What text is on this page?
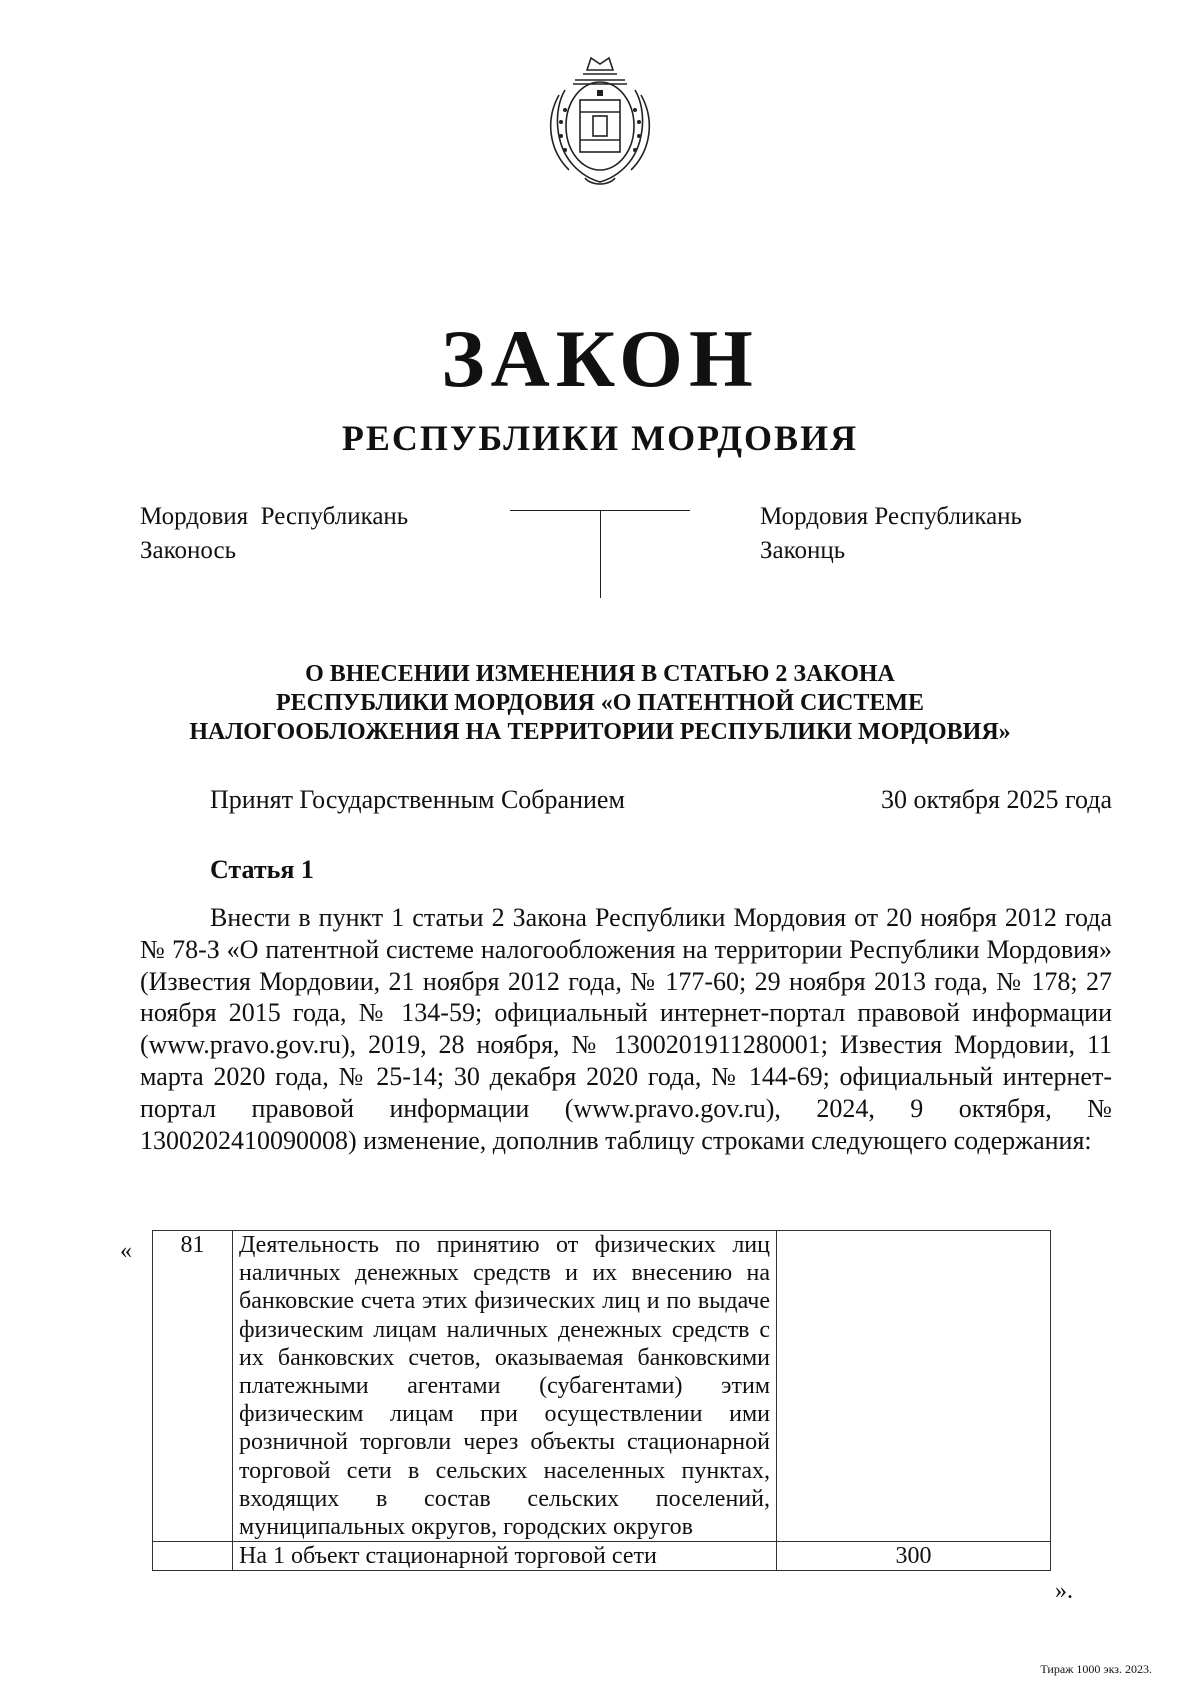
ЗАКОН
РЕСПУБЛИКИ МОРДОВИЯ
Мордовия  Республикань
Законось
Мордовия Республикань
Законць
О ВНЕСЕНИИ ИЗМЕНЕНИЯ В СТАТЬЮ 2 ЗАКОНА
РЕСПУБЛИКИ МОРДОВИЯ «О ПАТЕНТНОЙ СИСТЕМЕ
НАЛОГООБЛОЖЕНИЯ НА ТЕРРИТОРИИ РЕСПУБЛИКИ МОРДОВИЯ»
Принят Государственным Собранием	30 октября 2025 года
Статья 1

Внести в пункт 1 статьи 2 Закона Республики Мордовия от 20 ноября 2012 года № 78-З «О патентной системе налогообложения на территории Республики Мордовия» (Известия Мордовии, 21 ноября 2012 года, № 177-60; 29 ноября 2013 года, № 178; 27 ноября 2015 года, № 134-59; официальный интернет-портал правовой информации (www.pravo.gov.ru), 2019, 28 ноября, № 1300201911280001; Известия Мордовии, 11 марта 2020 года, № 25-14; 30 декабря 2020 года, № 144-69; официальный интернет-портал правовой информации (www.pravo.gov.ru), 2024, 9 октября, № 1300202410090008) изменение, дополнив таблицу строками следующего содержания:

« 81	Деятельность по принятию от физических лиц наличных денежных средств и их внесению на банковские счета этих физических лиц и по выдаче физическим лицам наличных денежных средств с их банковских счетов, оказываемая банковскими платежными агентами (субагентами) этим физическим лицам при осуществлении ими розничной торговли через объекты стационарной торговой сети в сельских населенных пунктах, входящих в состав сельских поселений, муниципальных округов, городских округов	
	На 1 объект стационарной торговой сети	300
».
Тираж 1000 экз. 2023.
